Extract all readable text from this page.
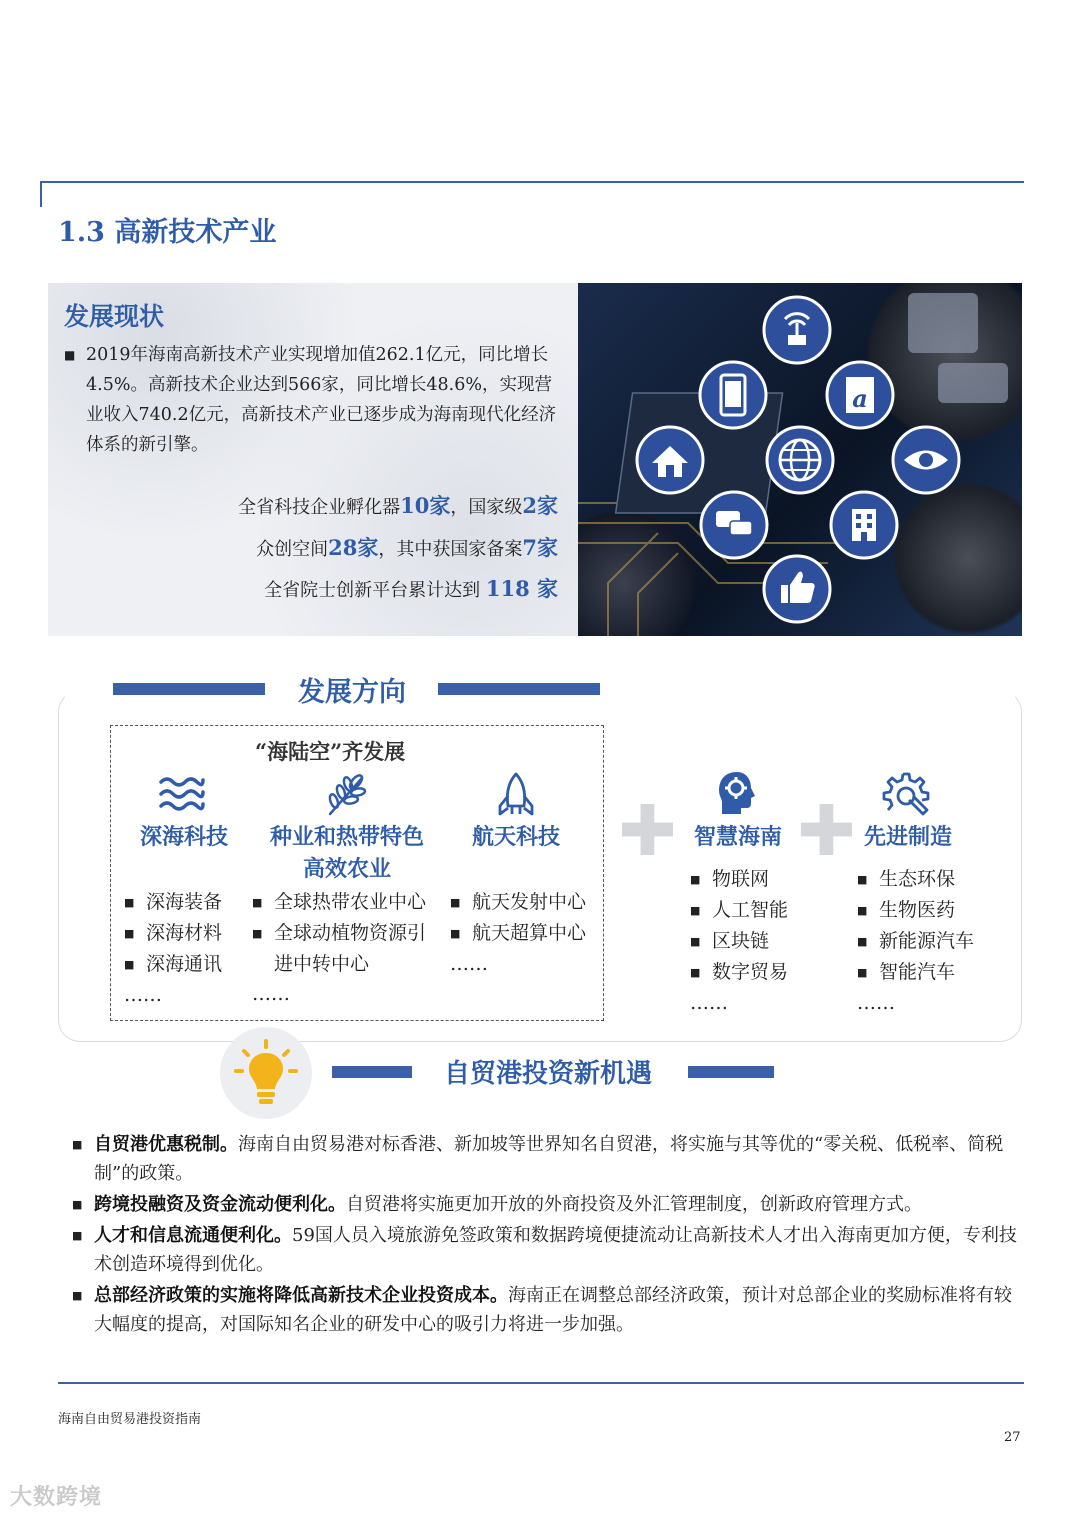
1.3 高新技术产业
发展现状
■ 2019年海南高新技术产业实现增加值262.1亿元，同比增长4.5%。高新技术企业达到566家，同比增长48.6%，实现营业收入740.2亿元，高新技术产业已逐步成为海南现代化经济体系的新引擎。
全省科技企业孵化器10家，国家级2家
众创空间28家，其中获国家备案7家
全省院士创新平台累计达到 118 家
a
发展方向
“海陆空”齐发展
深海科技
■ 深海装备
■ 深海材料
■ 深海通讯
……
种业和热带特色
高效农业
■ 全球热带农业中心
■ 全球动植物资源引
进中转中心
……
航天科技
■ 航天发射中心
■ 航天超算中心
……
✚ ✚
智慧海南
■ 物联网
■ 人工智能
■ 区块链
■ 数字贸易
……
先进制造
■ 生态环保
■ 生物医药
■ 新能源汽车
■ 智能汽车
……
自贸港投资新机遇
■ 自贸港优惠税制。海南自由贸易港对标香港、新加坡等世界知名自贸港，将实施与其等优的“零关税、低税率、简税制”的政策。
■ 跨境投融资及资金流动便利化。自贸港将实施更加开放的外商投资及外汇管理制度，创新政府管理方式。
■ 人才和信息流通便利化。59国人员入境旅游免签政策和数据跨境便捷流动让高新技术人才出入海南更加方便，专利技术创造环境得到优化。
■ 总部经济政策的实施将降低高新技术企业投资成本。海南正在调整总部经济政策，预计对总部企业的奖励标准将有较大幅度的提高，对国际知名企业的研发中心的吸引力将进一步加强。
海南自由贸易港投资指南
27
大数跨境
